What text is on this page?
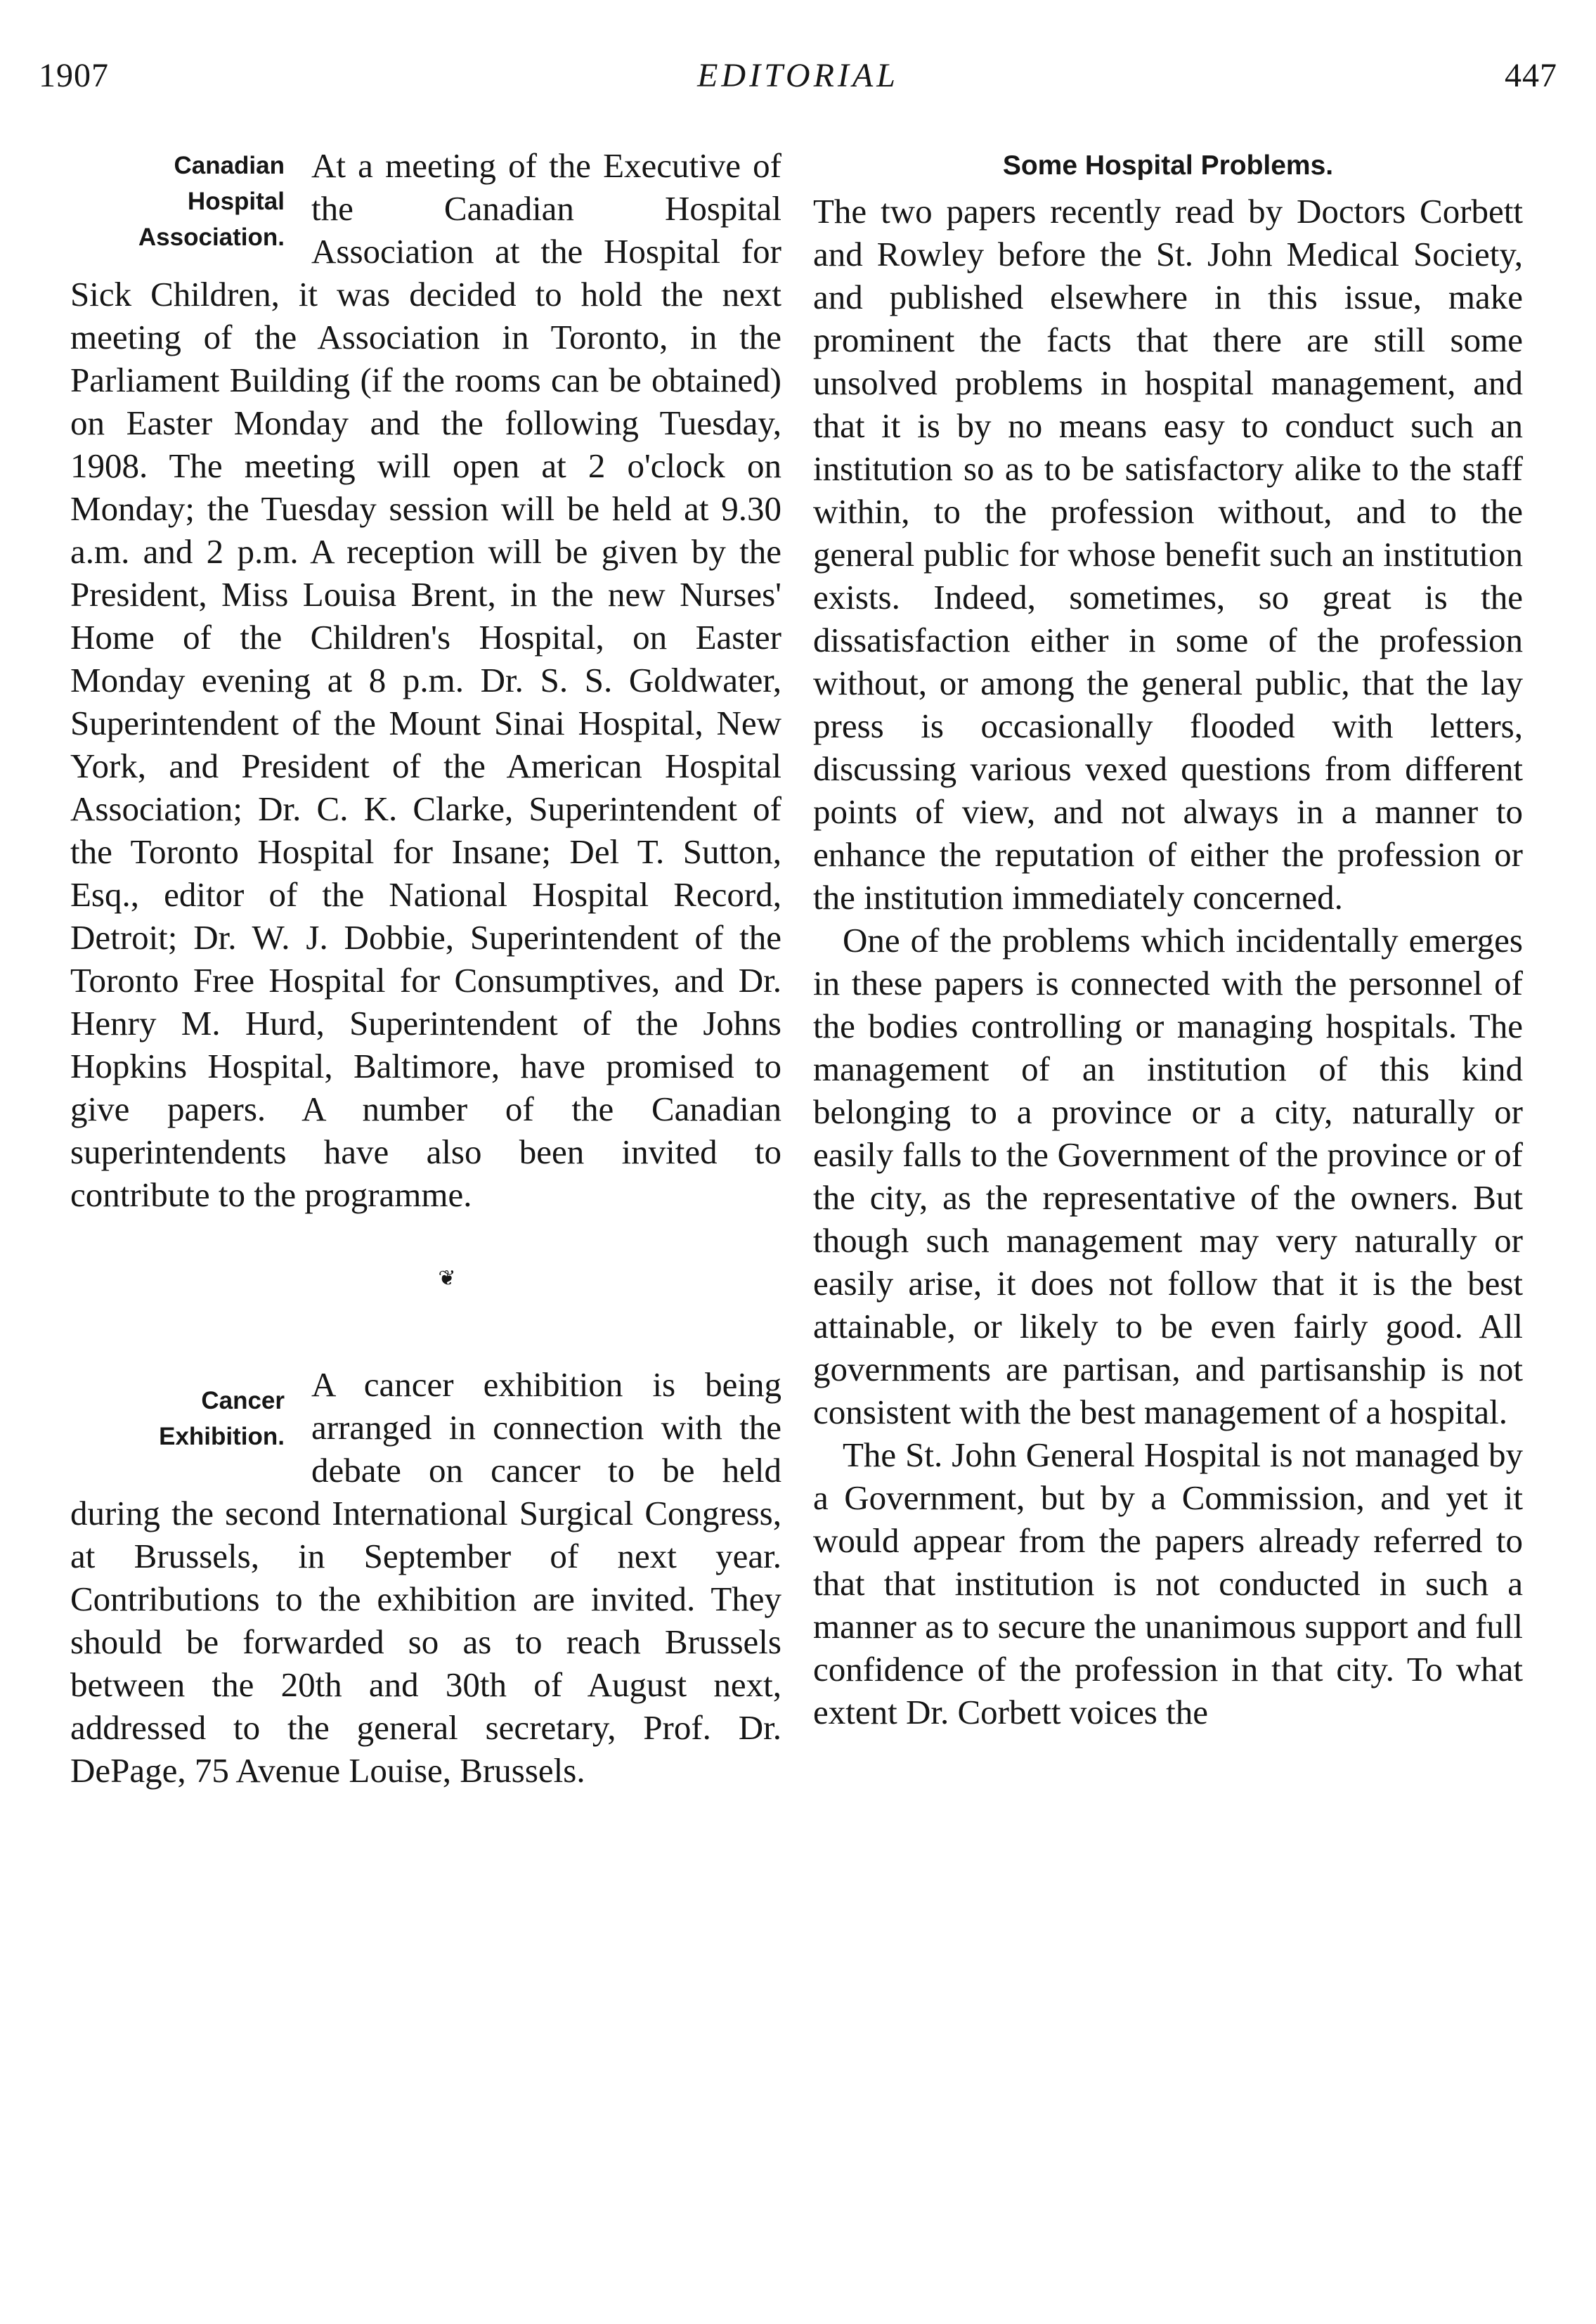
1907	EDITORIAL	447
Canadian
Hospital
Association.

At a meeting of the Executive of the Canadian Hospital Association at the Hospital for Sick Children, it was decided to hold the next meeting of the Association in Toronto, in the Parliament Building (if the rooms can be obtained) on Easter Monday and the following Tuesday, 1908. The meeting will open at 2 o'clock on Monday; the Tuesday session will be held at 9.30 a.m. and 2 p.m. A reception will be given by the President, Miss Louisa Brent, in the new Nurses' Home of the Children's Hospital, on Easter Monday evening at 8 p.m. Dr. S. S. Goldwater, Superintendent of the Mount Sinai Hospital, New York, and President of the American Hospital Association; Dr. C. K. Clarke, Superintendent of the Toronto Hospital for Insane; Del T. Sutton, Esq., editor of the National Hospital Record, Detroit; Dr. W. J. Dobbie, Superintendent of the Toronto Free Hospital for Consumptives, and Dr. Henry M. Hurd, Superintendent of the Johns Hopkins Hospital, Baltimore, have promised to give papers. A number of the Canadian superintendents have also been invited to contribute to the programme.

❦
Cancer
Exhibition.

A cancer exhibition is being arranged in connection with the debate on cancer to be held during the second International Surgical Congress, at Brussels, in September of next year. Contributions to the exhibition are invited. They should be forwarded so as to reach Brussels between the 20th and 30th of August next, addressed to the general secretary, Prof. Dr. DePage, 75 Avenue Louise, Brussels.

Some Hospital Problems.

The two papers recently read by Doctors Corbett and Rowley before the St. John Medical Society, and published elsewhere in this issue, make prominent the facts that there are still some unsolved problems in hospital management, and that it is by no means easy to conduct such an institution so as to be satisfactory alike to the staff within, to the profession without, and to the general public for whose benefit such an institution exists. Indeed, sometimes, so great is the dissatisfaction either in some of the profession without, or among the general public, that the lay press is occasionally flooded with letters, discussing various vexed questions from different points of view, and not always in a manner to enhance the reputation of either the profession or the institution immediately concerned.

One of the problems which incidentally emerges in these papers is connected with the personnel of the bodies controlling or managing hospitals. The management of an institution of this kind belonging to a province or a city, naturally or easily falls to the Government of the province or of the city, as the representative of the owners. But though such management may very naturally or easily arise, it does not follow that it is the best attainable, or likely to be even fairly good. All governments are partisan, and partisanship is not consistent with the best management of a hospital.

The St. John General Hospital is not managed by a Government, but by a Commission, and yet it would appear from the papers already referred to that that institution is not conducted in such a manner as to secure the unanimous support and full confidence of the profession in that city. To what extent Dr. Corbett voices the
